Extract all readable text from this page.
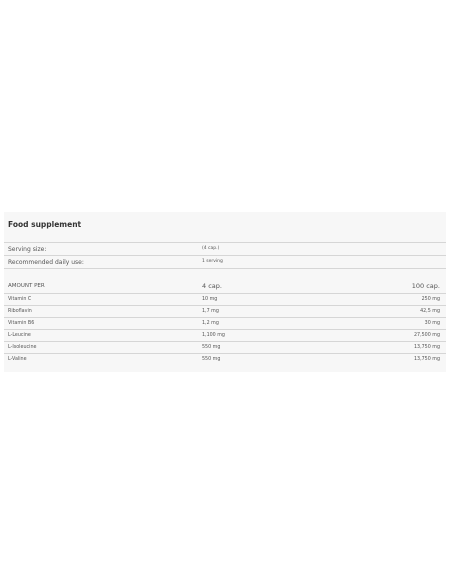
Food supplement
Serving size:	(4 cap.)
Recommended daily use:	1 serving
AMOUNT PER	4 cap.	100 cap.
Vitamin C	10 mg	250 mg
Riboflavin	1,7 mg	42,5 mg
Vitamin B6	1,2 mg	30 mg
L-Leucine	1,100 mg	27,500 mg
L-Isoleucine	550 mg	13,750 mg
L-Valine	550 mg	13,750 mg
